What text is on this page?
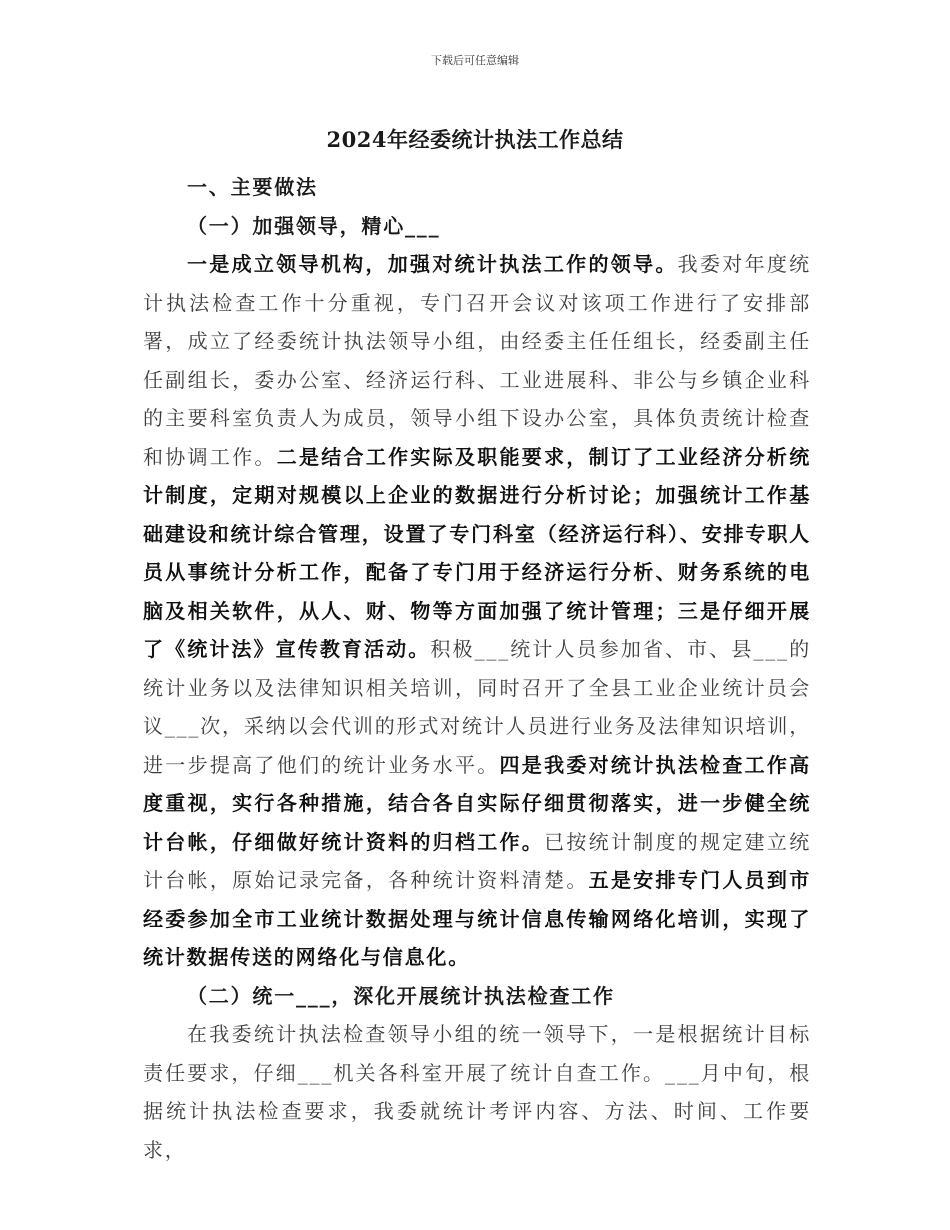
下载后可任意编辑
2024年经委统计执法工作总结

一、主要做法

（一）加强领导，精心___

一是成立领导机构，加强对统计执法工作的领导。我委对年度统计执法检查工作十分重视，专门召开会议对该项工作进行了安排部署，成立了经委统计执法领导小组，由经委主任任组长，经委副主任任副组长，委办公室、经济运行科、工业进展科、非公与乡镇企业科的主要科室负责人为成员，领导小组下设办公室，具体负责统计检查和协调工作。二是结合工作实际及职能要求，制订了工业经济分析统计制度，定期对规模以上企业的数据进行分析讨论；加强统计工作基础建设和统计综合管理，设置了专门科室（经济运行科）、安排专职人员从事统计分析工作，配备了专门用于经济运行分析、财务系统的电脑及相关软件，从人、财、物等方面加强了统计管理；三是仔细开展了《统计法》宣传教育活动。积极___统计人员参加省、市、县___的统计业务以及法律知识相关培训，同时召开了全县工业企业统计员会议___次，采纳以会代训的形式对统计人员进行业务及法律知识培训，进一步提高了他们的统计业务水平。四是我委对统计执法检查工作高度重视，实行各种措施，结合各自实际仔细贯彻落实，进一步健全统计台帐，仔细做好统计资料的归档工作。已按统计制度的规定建立统计台帐，原始记录完备，各种统计资料清楚。五是安排专门人员到市经委参加全市工业统计数据处理与统计信息传输网络化培训，实现了统计数据传送的网络化与信息化。

（二）统一___，深化开展统计执法检查工作

在我委统计执法检查领导小组的统一领导下，一是根据统计目标责任要求，仔细___机关各科室开展了统计自查工作。___月中旬，根据统计执法检查要求，我委就统计考评内容、方法、时间、工作要求，
